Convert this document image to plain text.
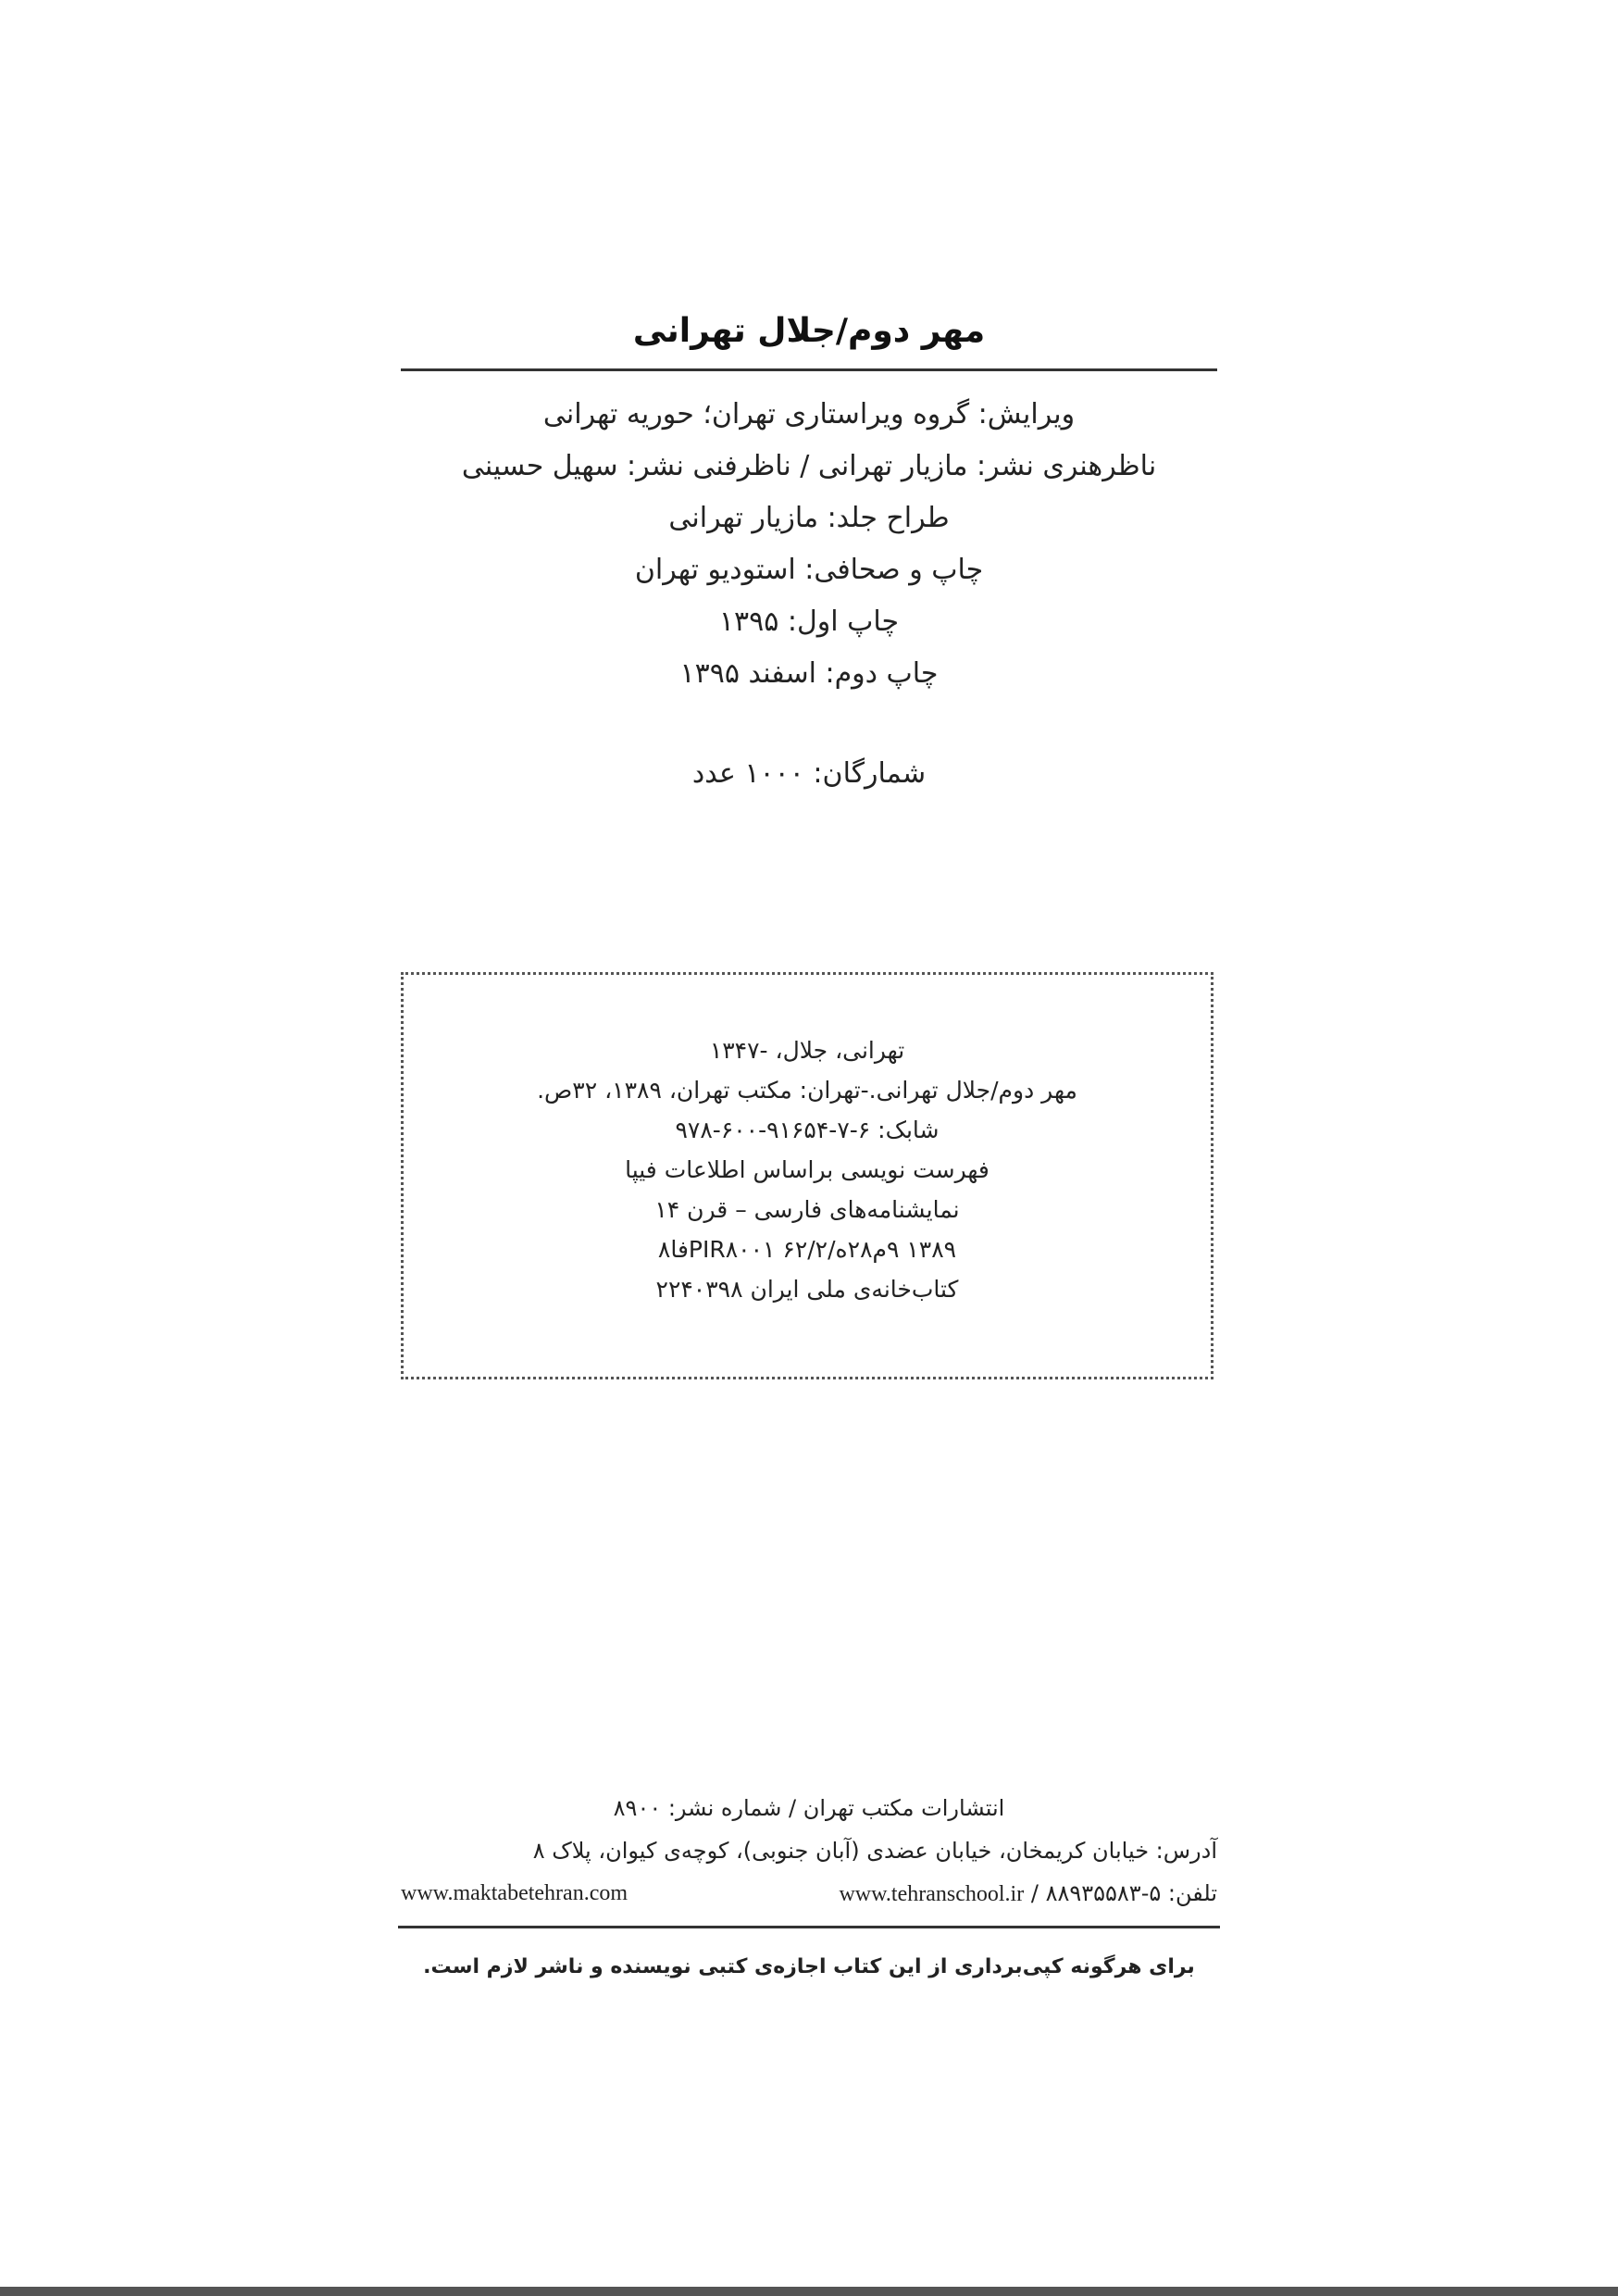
مهر دوم/جلال تهرانی
ویرایش: گروه ویراستاری تهران؛ حوریه تهرانی
ناظرهنری نشر: مازیار تهرانی / ناظرفنی نشر: سهیل حسینی
طراح جلد: مازیار تهرانی
چاپ و صحافی: استودیو تهران
چاپ اول: ۱۳۹۵
چاپ دوم: اسفند ۱۳۹۵
شمارگان: ۱۰۰۰ عدد
تهرانی، جلال، -۱۳۴۷
مهر دوم/جلال تهرانی.-تهران: مکتب تهران، ۱۳۸۹، ۳۲ص.
شابک: ۶-۷-۹۱۶۵۴-۶۰۰-۹۷۸
فهرست نویسی براساس اطلاعات فیپا
نمایشنامه‌های فارسی – قرن ۱۴
۱۳۸۹ ۹م۲۸ه/PIR۸۰۰۱ ۶۲/۲فا۸
کتاب‌خانه‌ی ملی ایران ۲۲۴۰۳۹۸
انتشارات مکتب تهران / شماره نشر: ۸۹۰۰
آدرس: خیابان کریمخان، خیابان عضدی (آبان جنوبی)، کوچه‌ی کیوان، پلاک ۸
تلفن: ۵-۸۸۹۳۵۵۸۳ / www.tehranschool.ir
www.maktabetehran.com
برای هرگونه کپی‌برداری از این کتاب اجازه‌ی کتبی نویسنده و ناشر لازم است.
